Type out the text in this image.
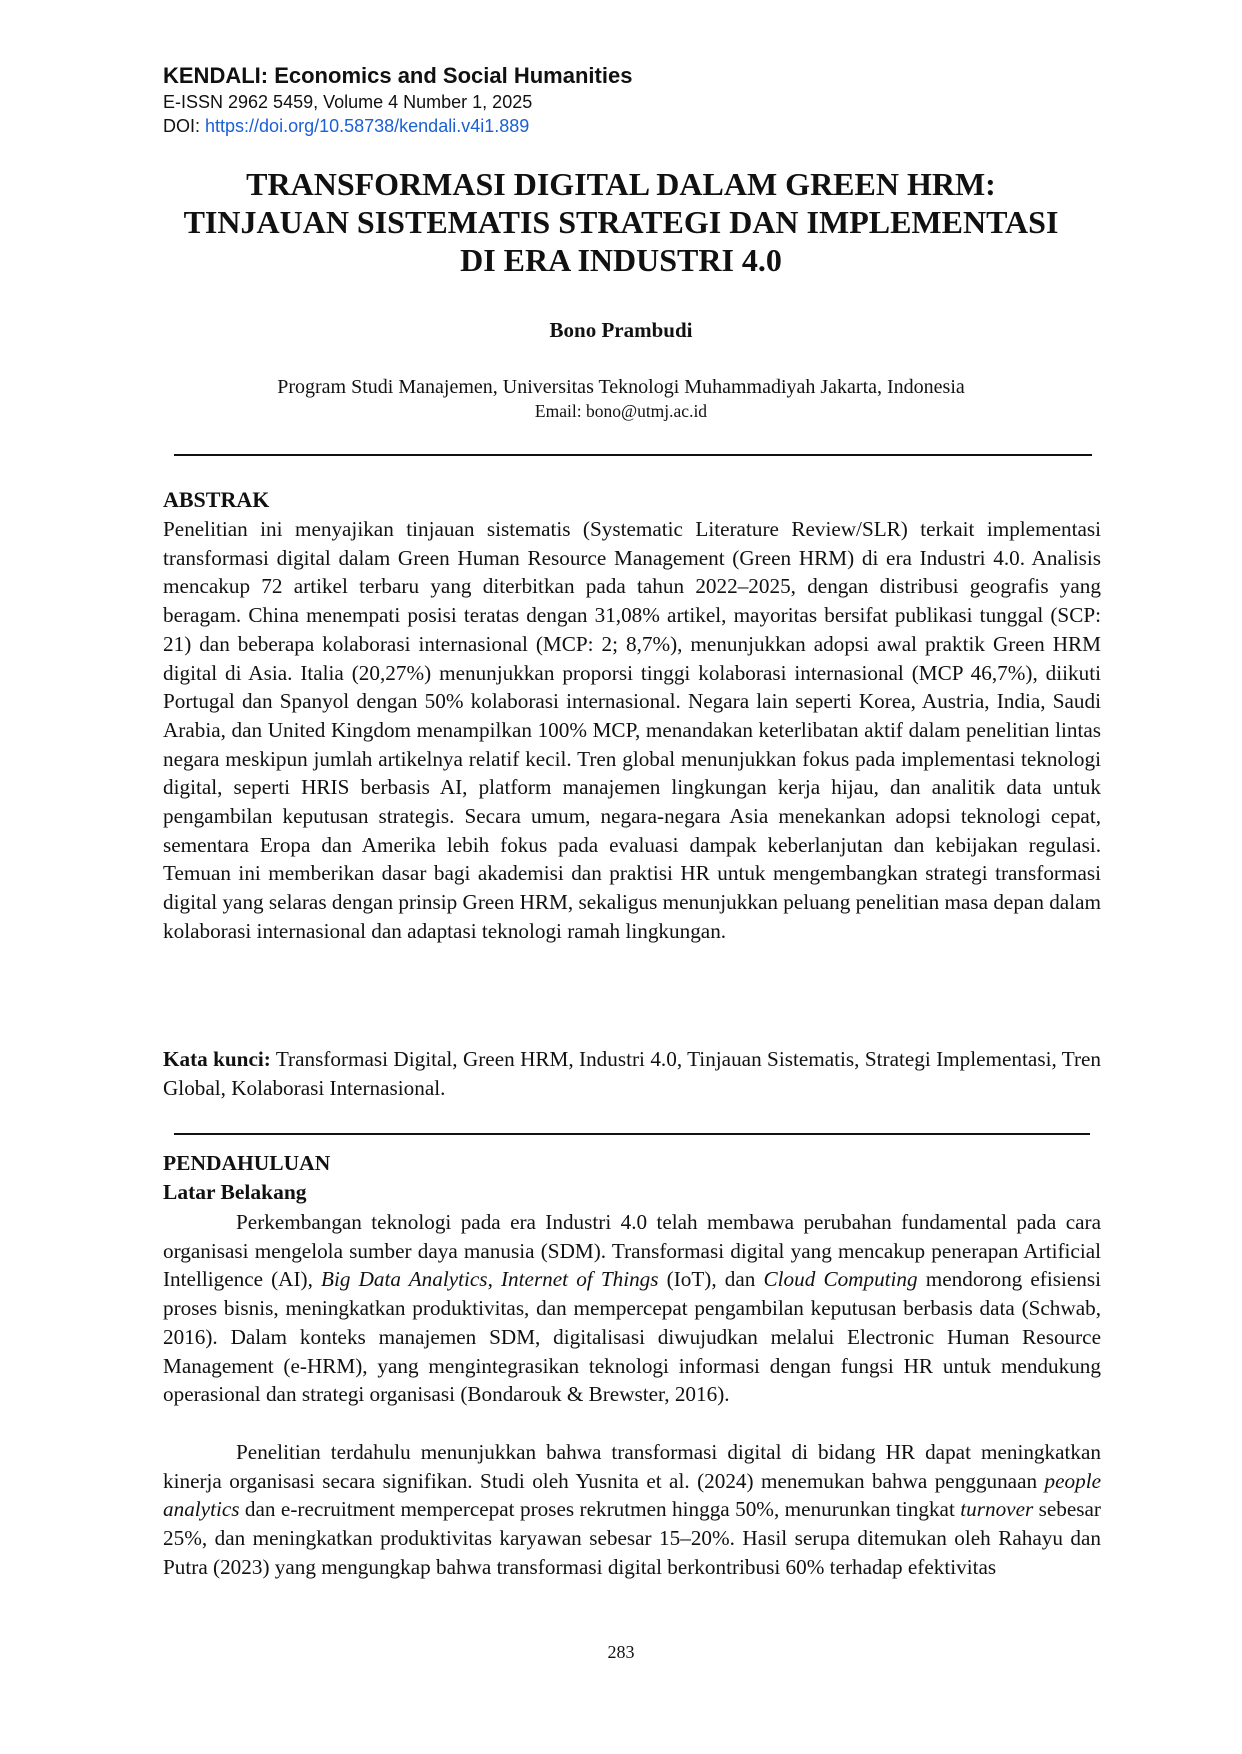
KENDALI: Economics and Social Humanities
E-ISSN 2962 5459, Volume 4 Number 1, 2025
DOI: https://doi.org/10.58738/kendali.v4i1.889
TRANSFORMASI DIGITAL DALAM GREEN HRM:
TINJAUAN SISTEMATIS STRATEGI DAN IMPLEMENTASI
DI ERA INDUSTRI 4.0
Bono Prambudi
Program Studi Manajemen, Universitas Teknologi Muhammadiyah Jakarta, Indonesia
Email: bono@utmj.ac.id
ABSTRAK
Penelitian ini menyajikan tinjauan sistematis (Systematic Literature Review/SLR) terkait implementasi transformasi digital dalam Green Human Resource Management (Green HRM) di era Industri 4.0. Analisis mencakup 72 artikel terbaru yang diterbitkan pada tahun 2022–2025, dengan distribusi geografis yang beragam. China menempati posisi teratas dengan 31,08% artikel, mayoritas bersifat publikasi tunggal (SCP: 21) dan beberapa kolaborasi internasional (MCP: 2; 8,7%), menunjukkan adopsi awal praktik Green HRM digital di Asia. Italia (20,27%) menunjukkan proporsi tinggi kolaborasi internasional (MCP 46,7%), diikuti Portugal dan Spanyol dengan 50% kolaborasi internasional. Negara lain seperti Korea, Austria, India, Saudi Arabia, dan United Kingdom menampilkan 100% MCP, menandakan keterlibatan aktif dalam penelitian lintas negara meskipun jumlah artikelnya relatif kecil. Tren global menunjukkan fokus pada implementasi teknologi digital, seperti HRIS berbasis AI, platform manajemen lingkungan kerja hijau, dan analitik data untuk pengambilan keputusan strategis. Secara umum, negara-negara Asia menekankan adopsi teknologi cepat, sementara Eropa dan Amerika lebih fokus pada evaluasi dampak keberlanjutan dan kebijakan regulasi. Temuan ini memberikan dasar bagi akademisi dan praktisi HR untuk mengembangkan strategi transformasi digital yang selaras dengan prinsip Green HRM, sekaligus menunjukkan peluang penelitian masa depan dalam kolaborasi internasional dan adaptasi teknologi ramah lingkungan.
Kata kunci: Transformasi Digital, Green HRM, Industri 4.0, Tinjauan Sistematis, Strategi Implementasi, Tren Global, Kolaborasi Internasional.
PENDAHULUAN
Latar Belakang

Perkembangan teknologi pada era Industri 4.0 telah membawa perubahan fundamental pada cara organisasi mengelola sumber daya manusia (SDM). Transformasi digital yang mencakup penerapan Artificial Intelligence (AI), Big Data Analytics, Internet of Things (IoT), dan Cloud Computing mendorong efisiensi proses bisnis, meningkatkan produktivitas, dan mempercepat pengambilan keputusan berbasis data (Schwab, 2016). Dalam konteks manajemen SDM, digitalisasi diwujudkan melalui Electronic Human Resource Management (e-HRM), yang mengintegrasikan teknologi informasi dengan fungsi HR untuk mendukung operasional dan strategi organisasi (Bondarouk & Brewster, 2016).

Penelitian terdahulu menunjukkan bahwa transformasi digital di bidang HR dapat meningkatkan kinerja organisasi secara signifikan. Studi oleh Yusnita et al. (2024) menemukan bahwa penggunaan people analytics dan e-recruitment mempercepat proses rekrutmen hingga 50%, menurunkan tingkat turnover sebesar 25%, dan meningkatkan produktivitas karyawan sebesar 15–20%. Hasil serupa ditemukan oleh Rahayu dan Putra (2023) yang mengungkap bahwa transformasi digital berkontribusi 60% terhadap efektivitas

283
